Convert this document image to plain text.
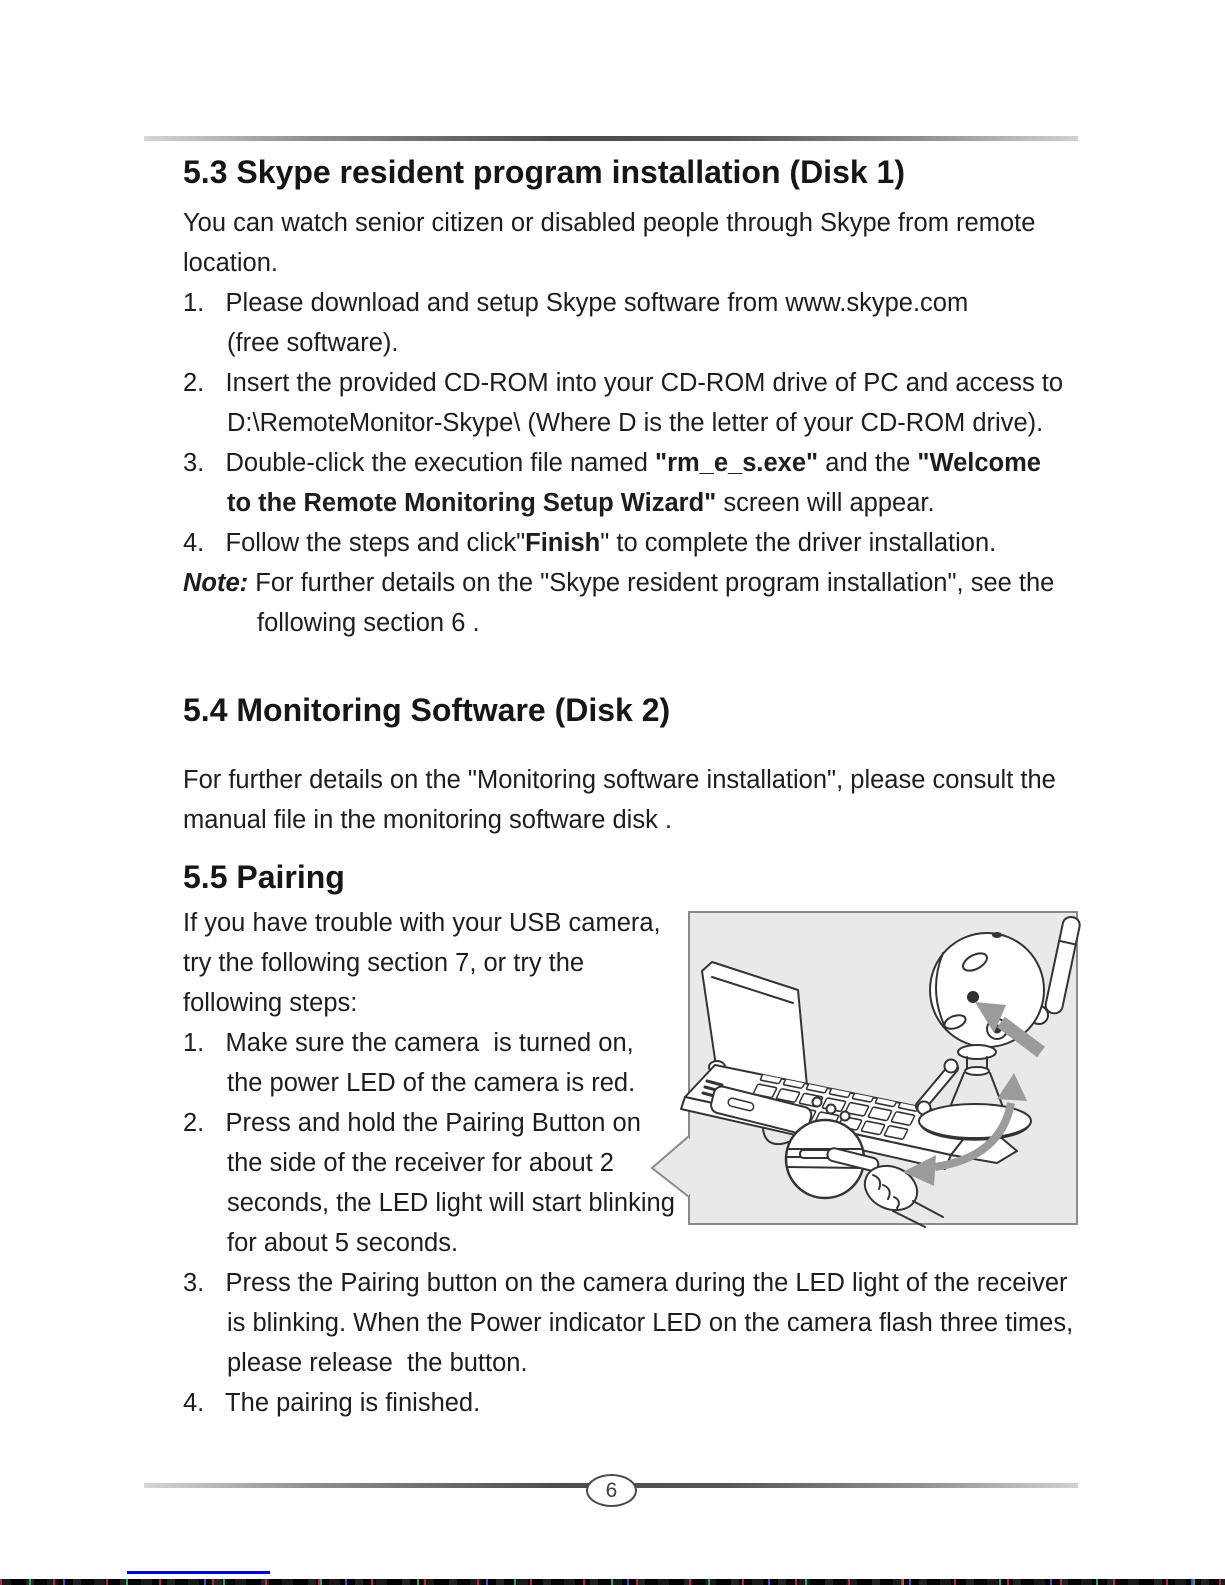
5.3 Skype resident program installation (Disk 1)
You can watch senior citizen or disabled people through Skype from remote
location.
1.   Please download and setup Skype software from www.skype.com
(free software).
2.   Insert the provided CD-ROM into your CD-ROM drive of PC and access to
D:\RemoteMonitor-Skype\ (Where D is the letter of your CD-ROM drive).
3.   Double-click the execution file named "rm_e_s.exe" and the "Welcome
to the Remote Monitoring Setup Wizard" screen will appear.
4.   Follow the steps and click"Finish" to complete the driver installation.
Note: For further details on the "Skype resident program installation", see the
following section 6 .
5.4 Monitoring Software (Disk 2)
For further details on the "Monitoring software installation", please consult the
manual file in the monitoring software disk .
5.5 Pairing
If you have trouble with your USB camera,
try the following section 7, or try the
following steps:
1.   Make sure the camera  is turned on,
the power LED of the camera is red.
2.   Press and hold the Pairing Button on
the side of the receiver for about 2
seconds, the LED light will start blinking
for about 5 seconds.
3.   Press the Pairing button on the camera during the LED light of the receiver
is blinking. When the Power indicator LED on the camera flash three times,
please release  the button.
4.   The pairing is finished.
6
